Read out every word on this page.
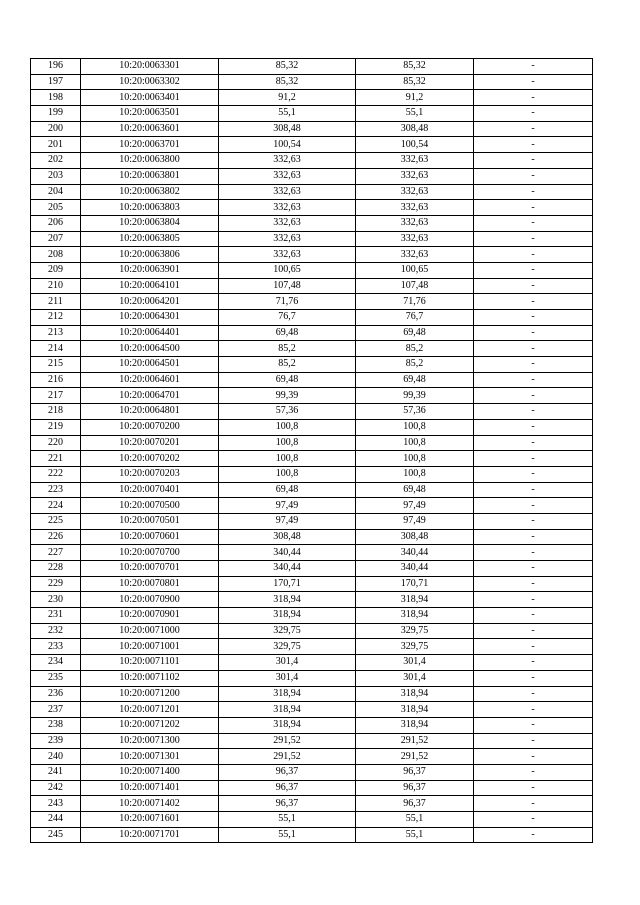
196	10:20:0063301	85,32	85,32	-
197	10:20:0063302	85,32	85,32	-
198	10:20:0063401	91,2	91,2	-
199	10:20:0063501	55,1	55,1	-
200	10:20:0063601	308,48	308,48	-
201	10:20:0063701	100,54	100,54	-
202	10:20:0063800	332,63	332,63	-
203	10:20:0063801	332,63	332,63	-
204	10:20:0063802	332,63	332,63	-
205	10:20:0063803	332,63	332,63	-
206	10:20:0063804	332,63	332,63	-
207	10:20:0063805	332,63	332,63	-
208	10:20:0063806	332,63	332,63	-
209	10:20:0063901	100,65	100,65	-
210	10:20:0064101	107,48	107,48	-
211	10:20:0064201	71,76	71,76	-
212	10:20:0064301	76,7	76,7	-
213	10:20:0064401	69,48	69,48	-
214	10:20:0064500	85,2	85,2	-
215	10:20:0064501	85,2	85,2	-
216	10:20:0064601	69,48	69,48	-
217	10:20:0064701	99,39	99,39	-
218	10:20:0064801	57,36	57,36	-
219	10:20:0070200	100,8	100,8	-
220	10:20:0070201	100,8	100,8	-
221	10:20:0070202	100,8	100,8	-
222	10:20:0070203	100,8	100,8	-
223	10:20:0070401	69,48	69,48	-
224	10:20:0070500	97,49	97,49	-
225	10:20:0070501	97,49	97,49	-
226	10:20:0070601	308,48	308,48	-
227	10:20:0070700	340,44	340,44	-
228	10:20:0070701	340,44	340,44	-
229	10:20:0070801	170,71	170,71	-
230	10:20:0070900	318,94	318,94	-
231	10:20:0070901	318,94	318,94	-
232	10:20:0071000	329,75	329,75	-
233	10:20:0071001	329,75	329,75	-
234	10:20:0071101	301,4	301,4	-
235	10:20:0071102	301,4	301,4	-
236	10:20:0071200	318,94	318,94	-
237	10:20:0071201	318,94	318,94	-
238	10:20:0071202	318,94	318,94	-
239	10:20:0071300	291,52	291,52	-
240	10:20:0071301	291,52	291,52	-
241	10:20:0071400	96,37	96,37	-
242	10:20:0071401	96,37	96,37	-
243	10:20:0071402	96,37	96,37	-
244	10:20:0071601	55,1	55,1	-
245	10:20:0071701	55,1	55,1	-
